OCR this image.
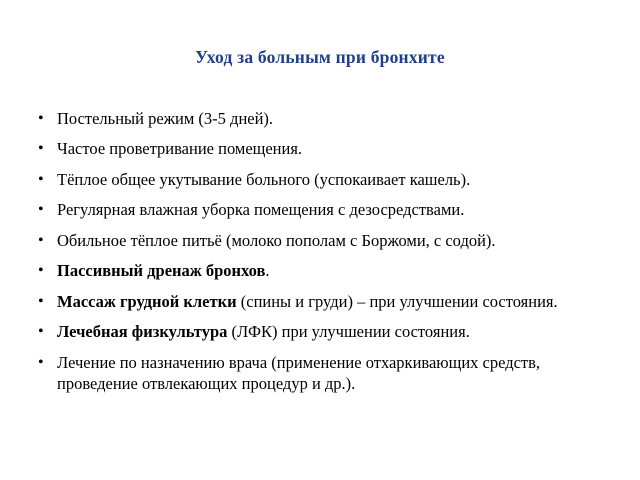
Уход за больным при бронхите
• Постельный режим (3-5 дней).
• Частое проветривание помещения.
• Тёплое общее укутывание больного (успокаивает кашель).
• Регулярная влажная уборка помещения с дезосредствами.
• Обильное тёплое питьё (молоко пополам с Боржоми, с содой).
• Пассивный дренаж бронхов.
• Массаж грудной клетки (спины и груди) – при улучшении состояния.
• Лечебная физкультура (ЛФК) при улучшении состояния.
• Лечение по назначению врача (применение отхаркивающих средств, проведение отвлекающих процедур и др.).
